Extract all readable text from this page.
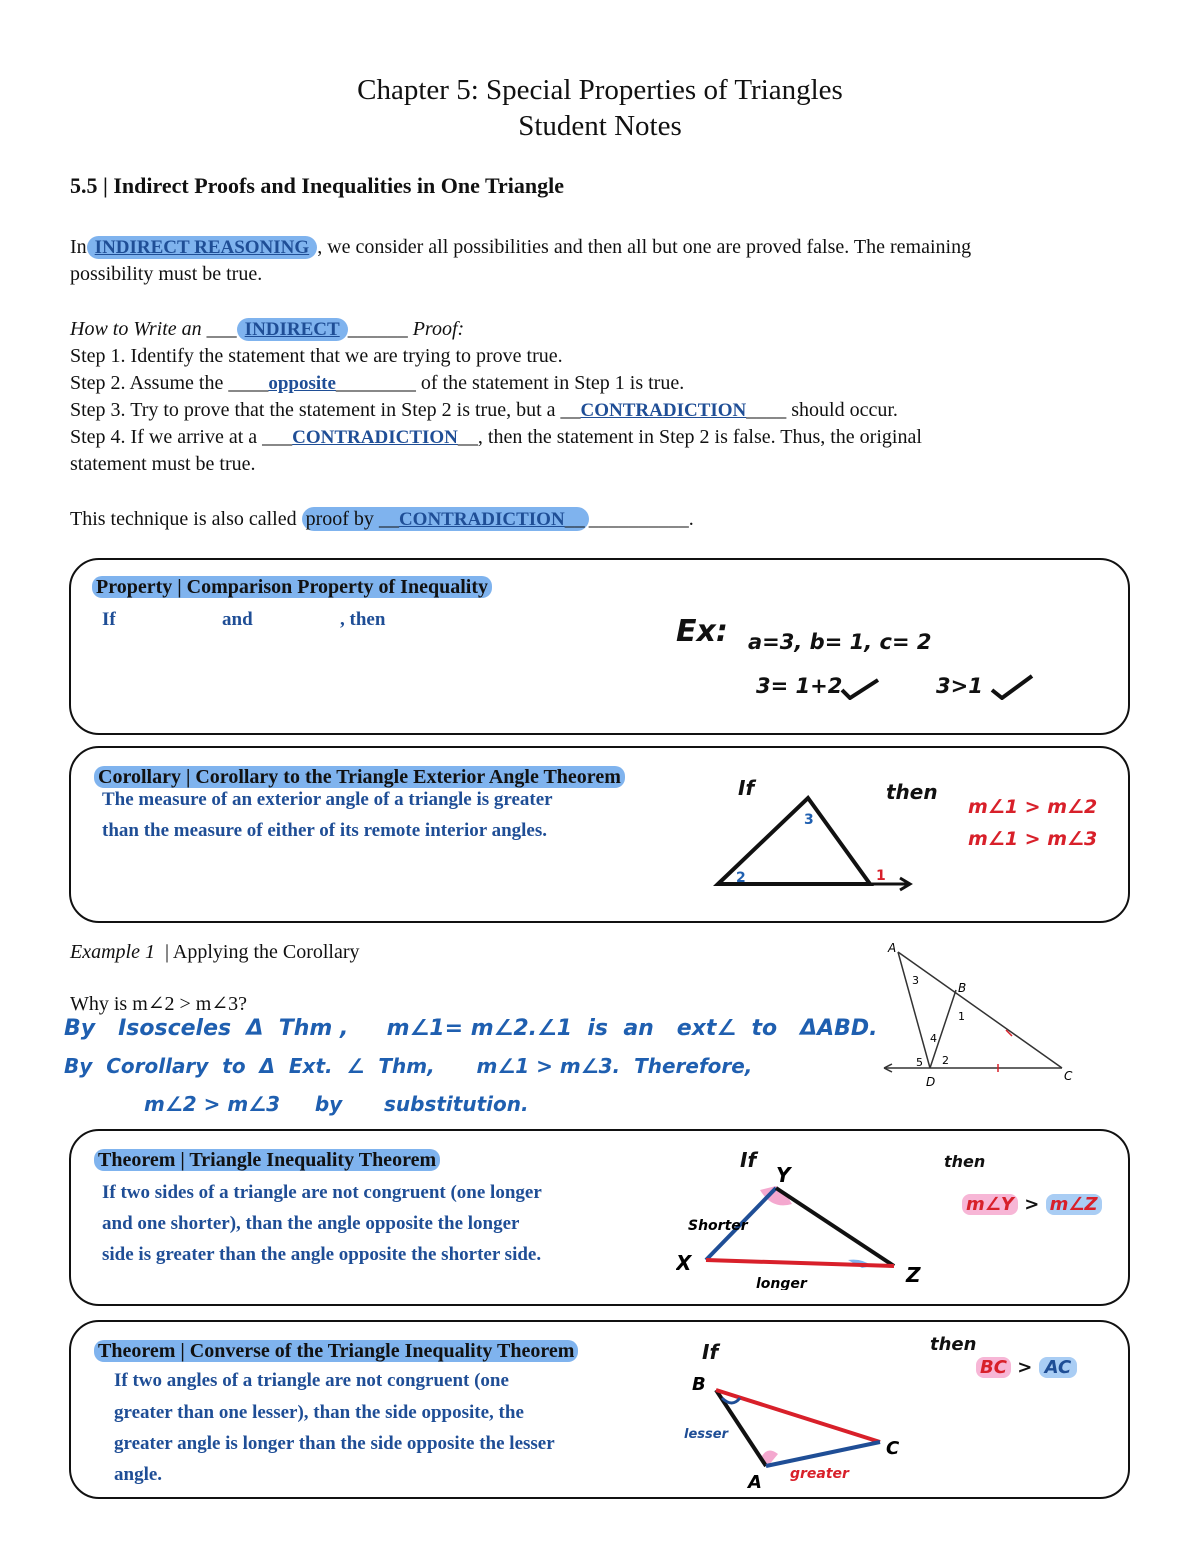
Chapter 5: Special Properties of Triangles
Student Notes
5.5 | Indirect Proofs and Inequalities in One Triangle
In INDIRECT REASONING , we consider all possibilities and then all but one are proved false. The remaining
possibility must be true.
How to Write an ___ INDIRECT ______ Proof:
Step 1. Identify the statement that we are trying to prove true.
Step 2. Assume the ____opposite________ of the statement in Step 1 is true.
Step 3. Try to prove that the statement in Step 2 is true, but a __CONTRADICTION____ should occur.
Step 4. If we arrive at a ___CONTRADICTION__, then the statement in Step 2 is false. Thus, the original
statement must be true.
This technique is also called proof by __CONTRADICTION__ __________.
Property | Comparison Property of Inequality
If	and	, then	Ex: a=3, b= 1, c= 2
3= 1+2	3>1
Corollary | Corollary to the Triangle Exterior Angle Theorem
The measure of an exterior angle of a triangle is greater
than the measure of either of its remote interior angles.
If	then
m∠1 > m∠2
m∠1 > m∠3
3
2	1
Example 1 | Applying the Corollary
Why is m∠2 > m∠3?
By   Isosceles  Δ  Thm ,     m∠1= m∠2.∠1  is  an   ext∠  to   ΔABD.
By  Corollary  to  Δ  Ext.  ∠  Thm,      m∠1 > m∠3.  Therefore,
m∠2 > m∠3     by      substitution.
A
B
C
D
1
2
3
4
5
Theorem | Triangle Inequality Theorem
If two sides of a triangle are not congruent (one longer
and one shorter), than the angle opposite the longer
side is greater than the angle opposite the shorter side.
If	then
Y
X	Z
Shorter
longer
m∠Y > m∠Z
Theorem | Converse of the Triangle Inequality Theorem
If two angles of a triangle are not congruent (one
greater than one lesser), than the side opposite, the
greater angle is longer than the side opposite the lesser
angle.
If	then
B
C
A
lesser
greater
BC > AC
